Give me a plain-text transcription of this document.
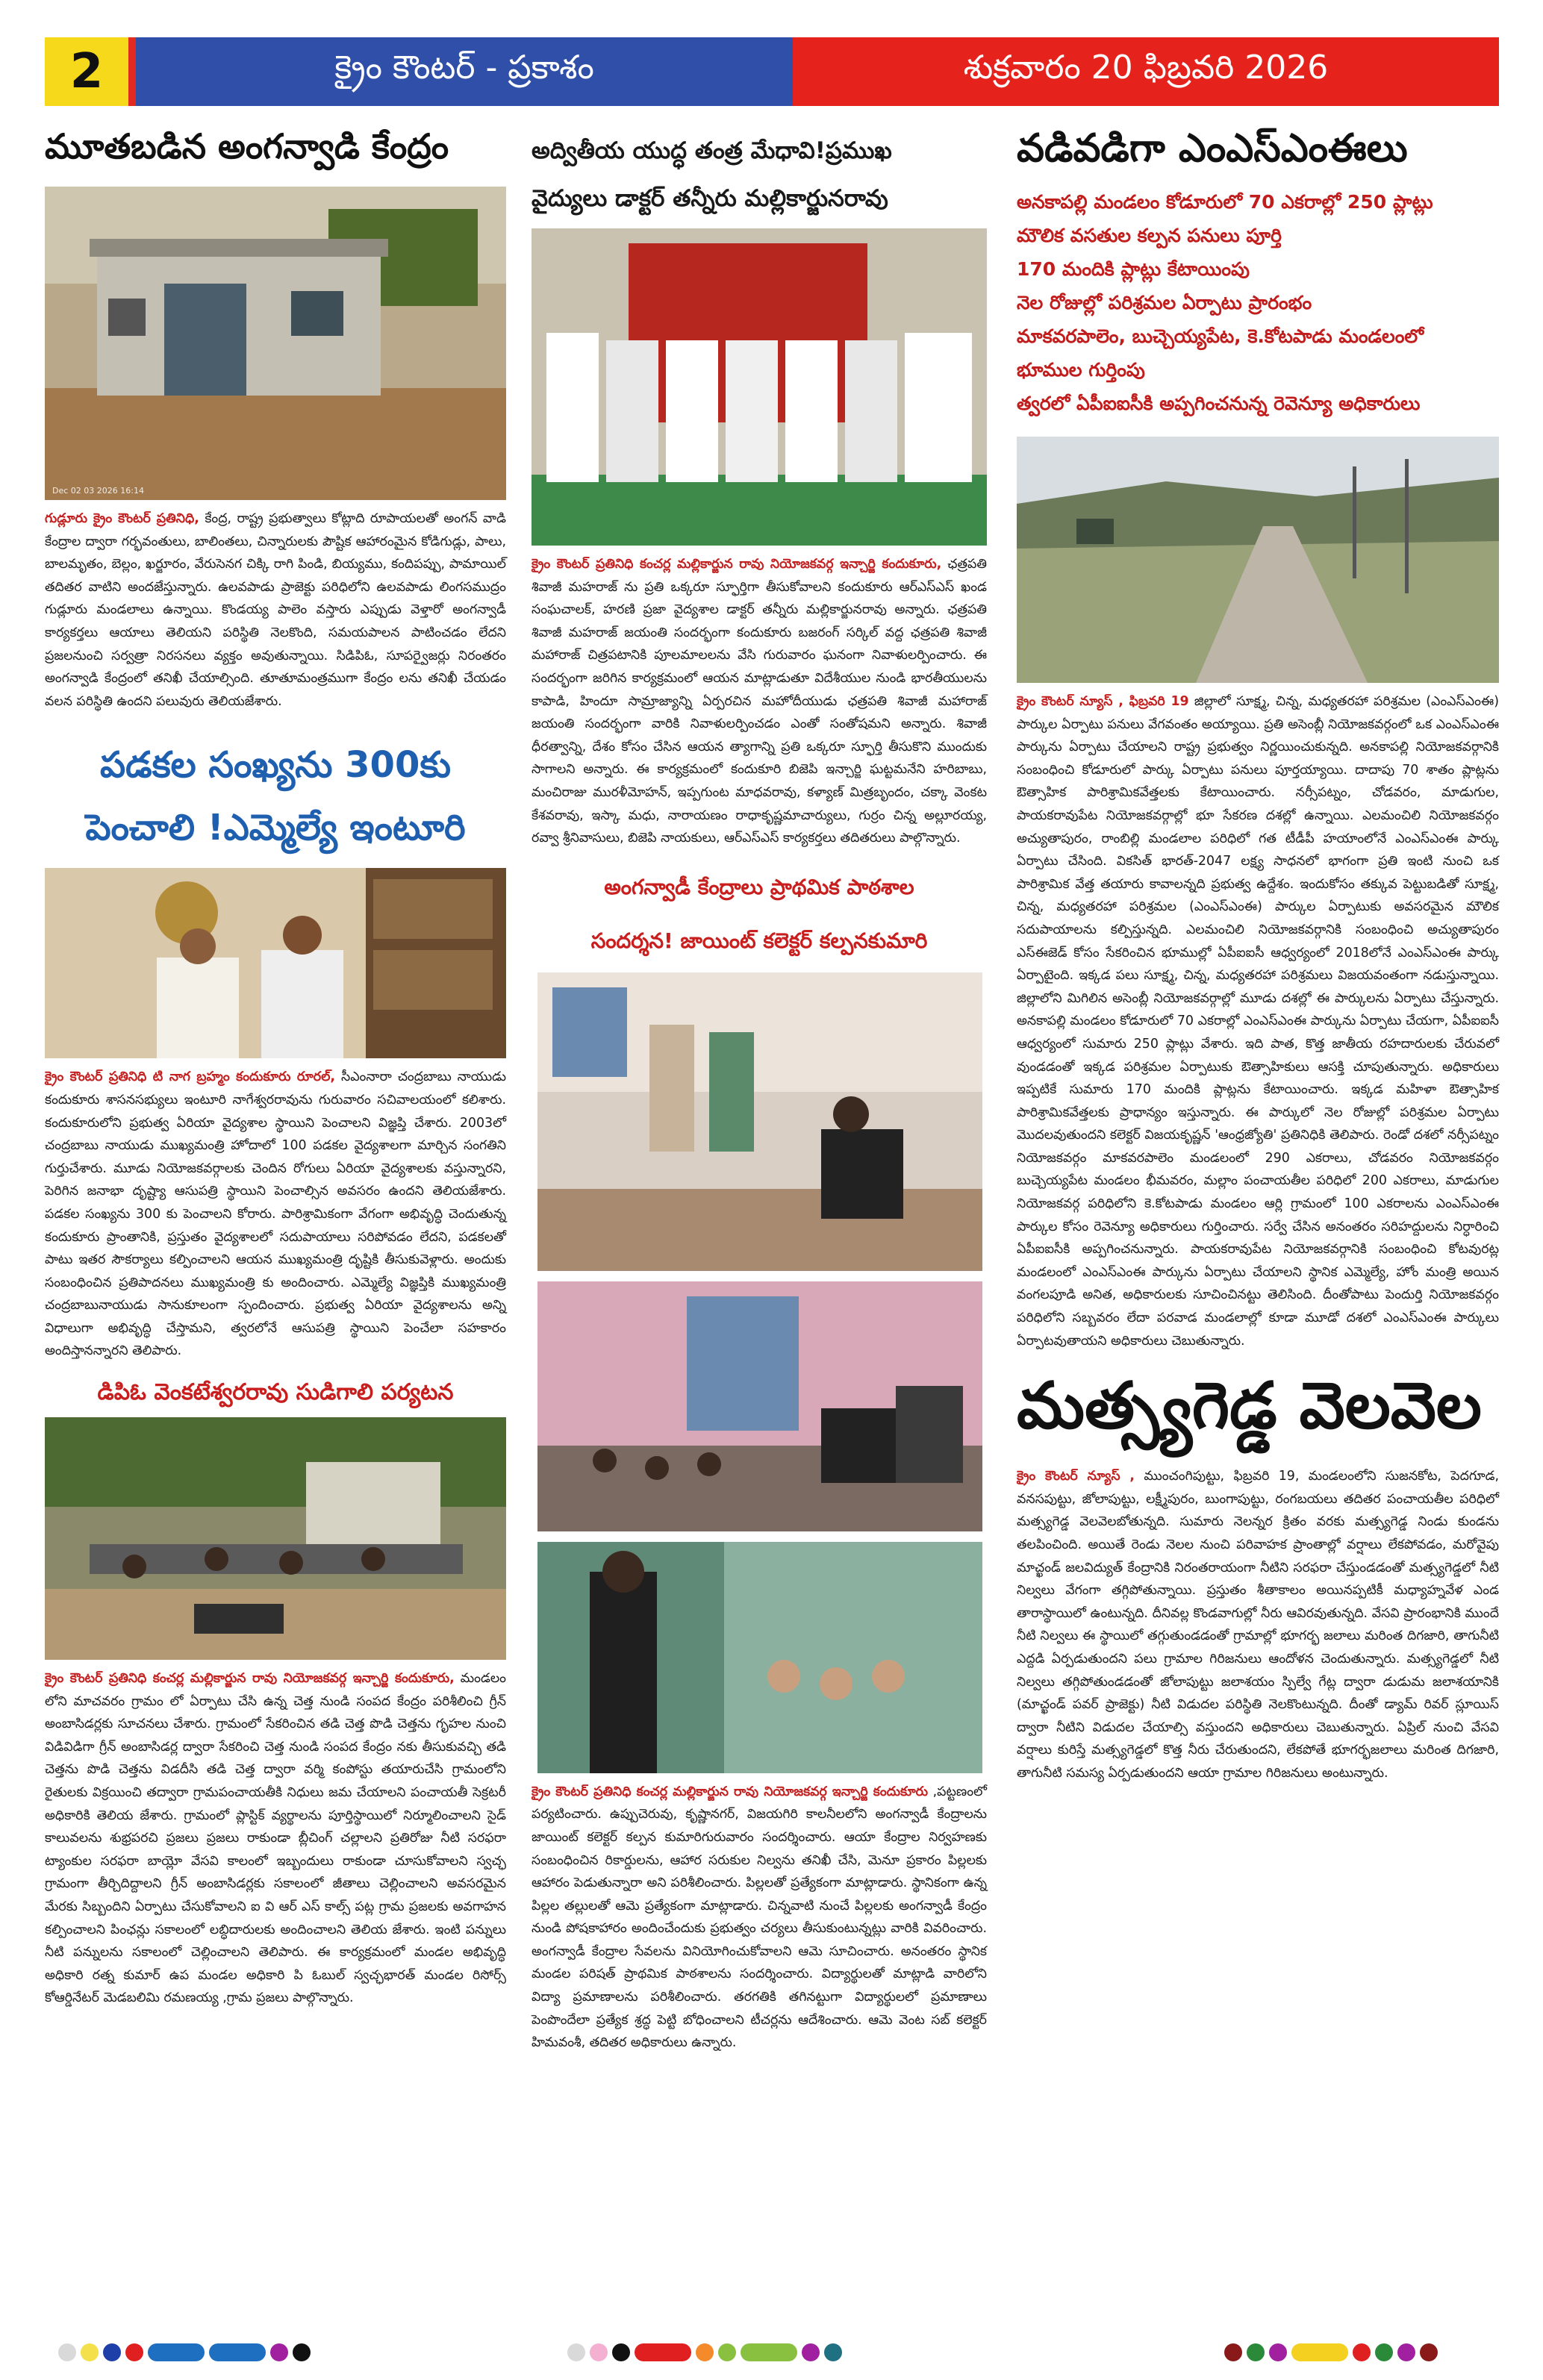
2	క్రైం కౌంటర్ - ప్రకాశం	శుక్రవారం 20 ఫిబ్రవరి 2026
మూతబడిన అంగన్వాడి కేంద్రం
Dec 02 03 2026 16:14
గుడ్లూరు క్రైం కౌంటర్ ప్రతినిధి, కేంద్ర, రాష్ట్ర ప్రభుత్వాలు కోట్లాది రూపాయలతో అంగన్ వాడి కేంద్రాల ద్వారా గర్భవంతులు, బాలింతలు, చిన్నారులకు పౌష్టిక ఆహారంమైన కోడిగుడ్లు, పాలు, బాలమృతం, బెల్లం, ఖర్జూరం, వేరుసెనగ చిక్కి రాగి పిండి, బియ్యము, కందిపప్పు, పామాయిల్ తదితర వాటిని అందజేస్తున్నారు. ఉలవపాడు ప్రాజెక్టు పరిధిలోని ఉలవపాడు లింగసముద్రం గుడ్లూరు మండలాలు ఉన్నాయి. కొండయ్య పాలెం వస్తారు ఎప్పుడు వెళ్తారో అంగన్వాడీ కార్యకర్తలు ఆయాలు తెలియని పరిస్థితి నెలకొంది, సమయపాలన పాటించడం లేదని ప్రజలనుంచి సర్వత్రా నిరసనలు వ్యక్తం అవుతున్నాయి. సిడిపిఓ, సూపర్వైజర్లు నిరంతరం అంగన్వాడి కేంద్రంలో తనిఖీ చేయాల్సింది. తూతూమంత్రముగా కేంద్రం లను తనిఖీ చేయడం వలన పరిస్థితి ఉందని పలువురు తెలియజేశారు.
పడకల సంఖ్యను 300కు
పెంచాలి !ఎమ్మెల్యే ఇంటూరి
క్రైం కౌంటర్ ప్రతినిధి టి నాగ బ్రహ్మం కందుకూరు రూరల్, సీఎంనారా చంద్రబాబు నాయుడు కందుకూరు శాసనసభ్యులు ఇంటూరి నాగేశ్వరరావును గురువారం సచివాలయంలో కలిశారు. కందుకూరులోని ప్రభుత్వ ఏరియా వైద్యశాల స్థాయిని పెంచాలని విజ్ఞప్తి చేశారు. 2003లో చంద్రబాబు నాయుడు ముఖ్యమంత్రి హోదాలో 100 పడకల వైద్యశాలగా మార్చిన సంగతిని గుర్తుచేశారు. మూడు నియోజకవర్గాలకు చెందిన రోగులు ఏరియా వైద్యశాలకు వస్తున్నారని, పెరిగిన జనాభా దృష్ట్యా ఆసుపత్రి స్థాయిని పెంచాల్సిన అవసరం ఉందని తెలియజేశారు. పడకల సంఖ్యను 300 కు పెంచాలని కోరారు. పారిశ్రామికంగా వేగంగా అభివృద్ధి చెందుతున్న కందుకూరు ప్రాంతానికి, ప్రస్తుతం వైద్యశాలలో సదుపాయాలు సరిపోవడం లేదని, పడకలతో పాటు ఇతర సౌకర్యాలు కల్పించాలని ఆయన ముఖ్యమంత్రి దృష్టికి తీసుకువెళ్లారు. అందుకు సంబంధించిన ప్రతిపాదనలు ముఖ్యమంత్రి కు అందించారు. ఎమ్మెల్యే విజ్ఞప్తికి ముఖ్యమంత్రి చంద్రబాబునాయుడు సానుకూలంగా స్పందించారు. ప్రభుత్వ ఏరియా వైద్యశాలను అన్ని విధాలుగా అభివృద్ధి చేస్తామని, త్వరలోనే ఆసుపత్రి స్థాయిని పెంచేలా సహకారం అందిస్తానన్నారని తెలిపారు.
డిపిఓ వెంకటేశ్వరరావు సుడిగాలి పర్యటన
క్రైం కౌంటర్ ప్రతినిధి కంచర్ల మల్లికార్జున రావు నియోజకవర్గ ఇన్చార్జి కందుకూరు, మండలం లోని మాచవరం గ్రామం లో ఏర్పాటు చేసి ఉన్న చెత్త నుండి సంపద కేంద్రం పరిశీలించి గ్రీన్ అంబాసిడర్లకు సూచనలు చేశారు. గ్రామంలో సేకరించిన తడి చెత్త పొడి చెత్తను గృహల నుంచి విడివిడిగా గ్రీన్ అంబాసిడర్ల ద్వారా సేకరించి చెత్త నుండి సంపద కేంద్రం నకు తీసుకువచ్చి తడి చెత్తను పొడి చెత్తను విడదీసి తడి చెత్త ద్వారా వర్మి కంపోస్టు తయారుచేసి గ్రామంలోని రైతులకు విక్రయించి తద్వారా గ్రామపంచాయతీకి నిధులు జమ చేయాలని పంచాయతీ సెక్రటరీ అధికారికి తెలియ జేశారు. గ్రామంలో ప్లాస్టిక్ వ్యర్థాలను పూర్తిస్థాయిలో నిర్మూలించాలని సైడ్ కాలువలను శుభ్రపరచి ప్రజలు ప్రజలు రాకుండా బ్లీచింగ్ చల్లాలని ప్రతిరోజు నీటి సరఫరా ట్యాంకుల సరఫరా బాయ్లో వేసవి కాలంలో ఇబ్బందులు రాకుండా చూసుకోవాలని స్వచ్ఛ గ్రామంగా తీర్చిదిద్దాలని గ్రీన్ అంబాసిడర్లకు సకాలంలో జీతాలు చెల్లించాలని అవసరమైన మేరకు సిబ్బందిని ఏర్పాటు చేసుకోవాలని ఐ వి ఆర్ ఎస్ కాల్స్ పట్ల గ్రామ ప్రజలకు అవగాహన కల్పించాలని పింఛన్లు సకాలంలో లబ్ధిదారులకు అందించాలని తెలియ జేశారు. ఇంటి పన్నులు నీటి పన్నులను సకాలంలో చెల్లించాలని తెలిపారు. ఈ కార్యక్రమంలో మండల అభివృద్ధి అధికారి రత్న కుమార్ ఉప మండల అధికారి పి ఓబుల్ స్వచ్ఛభారత్ మండల రిసోర్స్ కోఆర్డినేటర్ మెడబలిమి రమణయ్య ,గ్రామ ప్రజలు పాల్గొన్నారు.
అద్వితీయ యుద్ధ తంత్ర మేధావి!ప్రముఖ
వైద్యులు డాక్టర్ తన్నీరు మల్లికార్జునరావు
క్రైం కౌంటర్ ప్రతినిధి కంచర్ల మల్లికార్జున రావు నియోజకవర్గ ఇన్చార్జి కందుకూరు, ఛత్రపతి శివాజీ మహరాజ్ ను ప్రతి ఒక్కరూ స్ఫూర్తిగా తీసుకోవాలని కందుకూరు ఆర్ఎస్ఎస్ ఖండ సంఘచాలక్, హరణి ప్రజా వైద్యశాల డాక్టర్ తన్నీరు మల్లికార్జునరావు అన్నారు. ఛత్రపతి శివాజీ మహరాజ్ జయంతి సందర్భంగా కందుకూరు బజరంగ్ సర్కిల్ వద్ద ఛత్రపతి శివాజీ మహారాజ్ చిత్రపటానికి పూలమాలలను వేసి గురువారం ఘనంగా నివాళులర్పించారు. ఈ సందర్భంగా జరిగిన కార్యక్రమంలో ఆయన మాట్లాడుతూ విదేశీయుల నుండి భారతీయులను కాపాడి, హిందూ సామ్రాజ్యాన్ని ఏర్పరచిన మహోదీయుడు ఛత్రపతి శివాజీ మహారాజ్ జయంతి సందర్భంగా వారికి నివాళులర్పించడం ఎంతో సంతోషమని అన్నారు. శివాజీ ధీరత్వాన్ని, దేశం కోసం చేసిన ఆయన త్యాగాన్ని ప్రతి ఒక్కరూ స్ఫూర్తి తీసుకొని ముందుకు సాగాలని అన్నారు. ఈ కార్యక్రమంలో కందుకూరి బిజెపి ఇన్చార్జి ఘట్టమనేని హరిబాబు, మంచిరాజు మురళీమోహన్, ఇప్పగుంట మాధవరావు, కళ్యాణ్ మిత్రబృందం, చక్కా వెంకట కేశవరావు, ఇస్కా మధు, నారాయణం రాధాకృష్ణమాచార్యులు, గుర్రం చిన్న అల్లూరయ్య, రవ్వా శ్రీనివాసులు, బిజెపి నాయకులు, ఆర్ఎస్ఎస్ కార్యకర్తలు తదితరులు పాల్గొన్నారు.
అంగన్వాడీ కేంద్రాలు ప్రాథమిక పాఠశాల
సందర్శన! జాయింట్ కలెక్టర్ కల్పనకుమారి
క్రైం కౌంటర్ ప్రతినిధి కంచర్ల మల్లికార్జున రావు నియోజకవర్గ ఇన్చార్జి కందుకూరు ,పట్టణంలో పర్యటించారు. ఉప్పుచెరువు, కృష్ణానగర్, విజయగిరి కాలనీలలోని అంగన్వాడీ కేంద్రాలను జాయింట్ కలెక్టర్ కల్పన కుమారిగురువారం సందర్శించారు. ఆయా కేంద్రాల నిర్వహణకు సంబంధించిన రికార్డులను, ఆహార సరుకుల నిల్వను తనిఖీ చేసి, మెనూ ప్రకారం పిల్లలకు ఆహారం పెడుతున్నారా అని పరిశీలించారు. పిల్లలతో ప్రత్యేకంగా మాట్లాడారు. స్థానికంగా ఉన్న పిల్లల తల్లులతో ఆమె ప్రత్యేకంగా మాట్లాడారు. చిన్నవాటి నుంచే పిల్లలకు అంగన్వాడీ కేంద్రం నుండి పోషకాహారం అందించేందుకు ప్రభుత్వం చర్యలు తీసుకుంటున్నట్లు వారికి వివరించారు. అంగన్వాడీ కేంద్రాల సేవలను వినియోగించుకోవాలని ఆమె సూచించారు. అనంతరం స్థానిక మండల పరిషత్ ప్రాథమిక పాఠశాలను సందర్శించారు. విద్యార్థులతో మాట్లాడి వారిలోని విద్యా ప్రమాణాలను పరిశీలించారు. తరగతికి తగినట్టుగా విద్యార్థులలో ప్రమాణాలు పెంపొందేలా ప్రత్యేక శ్రద్ధ పెట్టి బోధించాలని టీచర్లను ఆదేశించారు. ఆమె వెంట సబ్ కలెక్టర్ హిమవంశీ, తదితర అధికారులు ఉన్నారు.
వడివడిగా ఎంఎస్ఎంఈలు
అనకాపల్లి మండలం కోడూరులో 70 ఎకరాల్లో 250 ప్లాట్లు
మౌలిక వసతుల కల్పన పనులు పూర్తి
170 మందికి ప్లాట్లు కేటాయింపు
నెల రోజుల్లో పరిశ్రమల ఏర్పాటు ప్రారంభం
మాకవరపాలెం, బుచ్చెయ్యపేట, కె.కోటపాడు మండలంలో
భూముల గుర్తింపు
త్వరలో ఏపీఐఐసీకి అప్పగించనున్న రెవెన్యూ అధికారులు
క్రైం కౌంటర్ న్యూస్ , ఫిబ్రవరి 19 జిల్లాలో సూక్ష్మ, చిన్న, మధ్యతరహా పరిశ్రమల (ఎంఎస్ఎంఈ) పార్కుల ఏర్పాటు పనులు వేగవంతం అయ్యాయి. ప్రతి అసెంబ్లీ నియోజకవర్గంలో ఒక ఎంఎస్ఎంఈ పార్కును ఏర్పాటు చేయాలని రాష్ట్ర ప్రభుత్వం నిర్ణయించుకున్నది. అనకాపల్లి నియోజకవర్గానికి సంబంధించి కోడూరులో పార్కు ఏర్పాటు పనులు పూర్తయ్యాయి. దాదాపు 70 శాతం ప్లాట్లను ఔత్సాహిక పారిశ్రామికవేత్తలకు కేటాయించారు. నర్సీపట్నం, చోడవరం, మాడుగుల, పాయకరావుపేట నియోజకవర్గాల్లో భూ సేకరణ దశల్లో ఉన్నాయి. ఎలమంచిలి నియోజకవర్గం అచ్యుతాపురం, రాంబిల్లి మండలాల పరిధిలో గత టీడీపీ హయాంలోనే ఎంఎస్ఎంఈ పార్కు ఏర్పాటు చేసింది. వికసిత్ భారత్-2047 లక్ష్య సాధనలో భాగంగా ప్రతి ఇంటి నుంచి ఒక పారిశ్రామిక వేత్త తయారు కావాలన్నది ప్రభుత్వ ఉద్దేశం. ఇందుకోసం తక్కువ పెట్టుబడితో సూక్ష్మ, చిన్న, మధ్యతరహా పరిశ్రమల (ఎంఎస్ఎంఈ) పార్కుల ఏర్పాటుకు అవసరమైన మౌలిక సదుపాయాలను కల్పిస్తున్నది. ఎలమంచిలి నియోజకవర్గానికి సంబంధించి అచ్యుతాపురం ఎస్ఈజెడ్ కోసం సేకరించిన భూముల్లో ఏపీఐఐసీ ఆధ్వర్యంలో 2018లోనే ఎంఎస్ఎంఈ పార్కు ఏర్పాటైంది. ఇక్కడ పలు సూక్ష్మ, చిన్న, మధ్యతరహా పరిశ్రమలు విజయవంతంగా నడుస్తున్నాయి. జిల్లాలోని మిగిలిన అసెంబ్లీ నియోజకవర్గాల్లో మూడు దశల్లో ఈ పార్కులను ఏర్పాటు చేస్తున్నారు. అనకాపల్లి మండలం కోడూరులో 70 ఎకరాల్లో ఎంఎస్ఎంఈ పార్కును ఏర్పాటు చేయగా, ఏపీఐఐసీ ఆధ్వర్యంలో సుమారు 250 ప్లాట్లు వేశారు. ఇది పాత, కొత్త జాతీయ రహదారులకు చేరువలో వుండడంతో ఇక్కడ పరిశ్రమల ఏర్పాటుకు ఔత్సాహికులు ఆసక్తి చూపుతున్నారు. అధికారులు ఇప్పటికే సుమారు 170 మందికి ప్లాట్లను కేటాయించారు. ఇక్కడ మహిళా ఔత్సాహిక పారిశ్రామికవేత్తలకు ప్రాధాన్యం ఇస్తున్నారు. ఈ పార్కులో నెల రోజుల్లో పరిశ్రమల ఏర్పాటు మొదలవుతుందని కలెక్టర్ విజయకృష్ణన్ 'ఆంధ్రజ్యోతి' ప్రతినిధికి తెలిపారు. రెండో దశలో నర్సీపట్నం నియోజకవర్గం మాకవరపాలెం మండలంలో 290 ఎకరాలు, చోడవరం నియోజకవర్గం బుచ్చెయ్యపేట మండలం భీమవరం, మల్లాం పంచాయతీల పరిధిలో 200 ఎకరాలు, మాడుగుల నియోజకవర్గ పరిధిలోని కె.కోటపాడు మండలం ఆర్లి గ్రామంలో 100 ఎకరాలను ఎంఎస్ఎంఈ పార్కుల కోసం రెవెన్యూ అధికారులు గుర్తించారు. సర్వే చేసిన అనంతరం సరిహద్దులను నిర్ధారించి ఏపీఐఐసీకి అప్పగించనున్నారు. పాయకరావుపేట నియోజకవర్గానికి సంబంధించి కోటవురట్ల మండలంలో ఎంఎస్ఎంఈ పార్కును ఏర్పాటు చేయాలని స్థానిక ఎమ్మెల్యే, హోం మంత్రి అయిన వంగలపూడి అనిత, అధికారులకు సూచించినట్టు తెలిసింది. దీంతోపాటు పెందుర్తి నియోజకవర్గం పరిధిలోని సబ్బవరం లేదా పరవాడ మండలాల్లో కూడా మూడో దశలో ఎంఎస్ఎంఈ పార్కులు ఏర్పాటవుతాయని అధికారులు చెబుతున్నారు.
మత్స్యగెడ్డ వెలవెల
క్రైం కౌంటర్ న్యూస్ , ముంచంగిపుట్టు, ఫిబ్రవరి 19, మండలంలోని సుజనకోట, పెదగూడ, వనసపుట్టు, జోలాపుట్టు, లక్ష్మీపురం, బుంగాపుట్టు, రంగబయలు తదితర పంచాయతీల పరిధిలో మత్స్యగెడ్డ వెలవెలబోతున్నది. సుమారు నెలన్నర క్రితం వరకు మత్స్యగెడ్డ నిండు కుండను తలపించింది. అయితే రెండు నెలల నుంచి పరివాహక ప్రాంతాల్లో వర్షాలు లేకపోవడం, మరోవైపు మాచ్ఖండ్ జలవిద్యుత్ కేంద్రానికి నిరంతరాయంగా నీటిని సరఫరా చేస్తుండడంతో మత్స్యగెడ్డలో నీటి నిల్వలు వేగంగా తగ్గిపోతున్నాయి. ప్రస్తుతం శీతాకాలం అయినప్పటికీ మధ్యాహ్నవేళ ఎండ తారాస్థాయిలో ఉంటున్నది. దీనివల్ల కొండవాగుల్లో నీరు ఆవిరవుతున్నది. వేసవి ప్రారంభానికి ముందే నీటి నిల్వలు ఈ స్థాయిలో తగ్గుతుండడంతో గ్రామాల్లో భూగర్భ జలాలు మరింత దిగజారి, తాగునీటి ఎద్దడి ఏర్పడుతుందని పలు గ్రామాల గిరిజనులు ఆందోళన చెందుతున్నారు. మత్స్యగెడ్డలో నీటి నిల్వలు తగ్గిపోతుండడంతో జోలాపుట్టు జలాశయం స్పిల్వే గేట్ల ద్వారా డుడుమ జలాశయానికి (మాచ్ఖండ్ పవర్ ప్రాజెక్టు) నీటి విడుదల పరిస్థితి నెలకొంటున్నది. దీంతో డ్యామ్ రివర్ స్లూయిస్ ద్వారా నీటిని విడుదల చేయాల్సి వస్తుందని అధికారులు చెబుతున్నారు. ఏప్రిల్ నుంచి వేసవి వర్షాలు కురిస్తే మత్స్యగెడ్డలో కొత్త నీరు చేరుతుందని, లేకపోతే భూగర్భజలాలు మరింత దిగజారి, తాగునీటి సమస్య ఏర్పడుతుందని ఆయా గ్రామాల గిరిజనులు అంటున్నారు.
